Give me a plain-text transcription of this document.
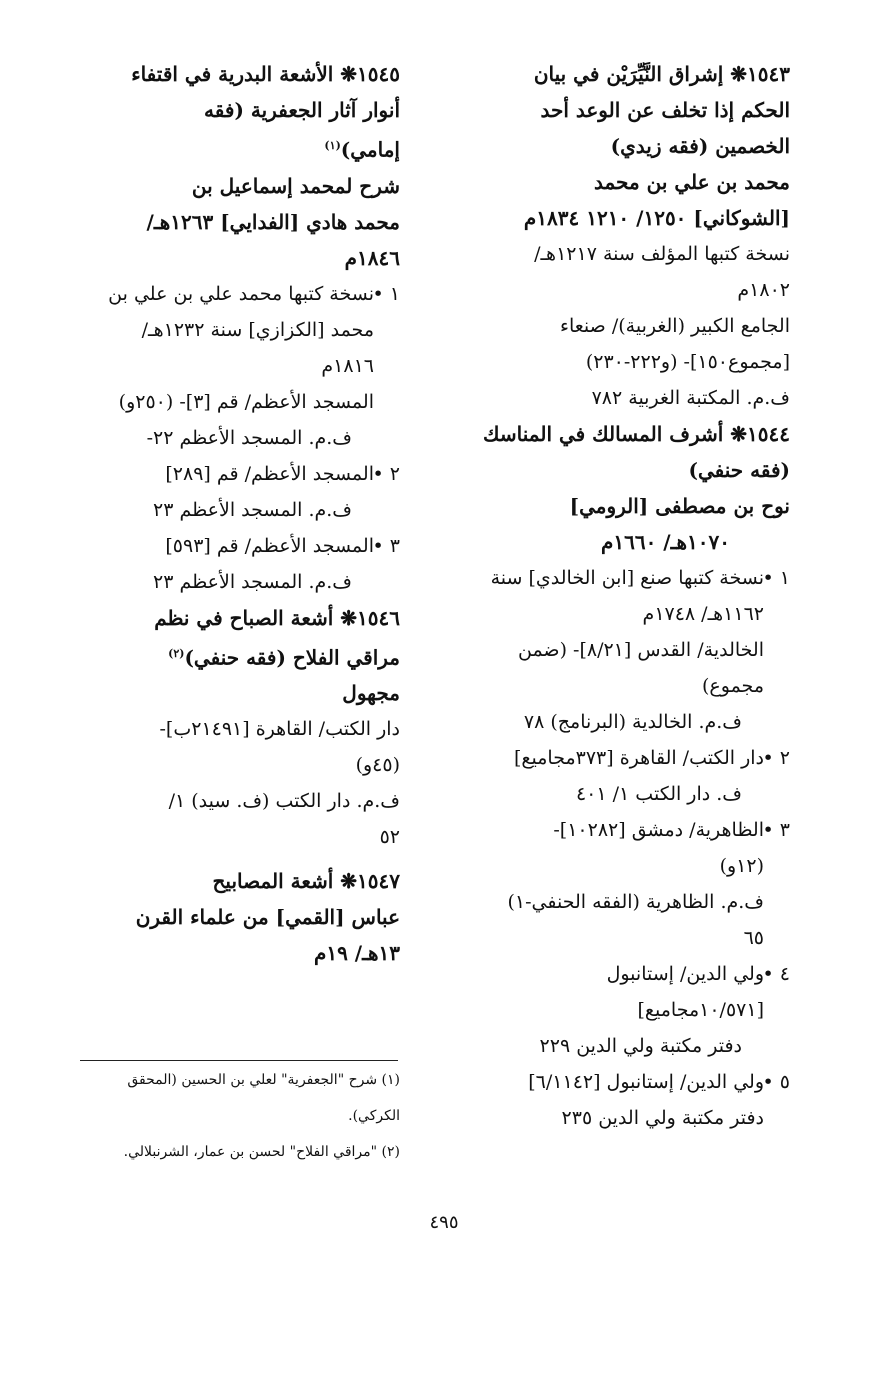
١٥٤٣❋ إشراق النَّيِّرَيْن في بيان
الحكم إذا تخلف عن الوعد أحد
الخصمين (فقه زيدي)
محمد بن علي بن محمد
[الشوكاني] ١٢٥٠/ ١٢١٠ ١٨٣٤م
نسخة كتبها المؤلف سنة ١٢١٧هـ/
١٨٠٢م
الجامع الكبير (الغربية)/ صنعاء
[مجموع١٥٠]- (و٢٢٢-٢٣٠)
ف.م. المكتبة الغربية ٧٨٢
١٥٤٤❋ أشرف المسالك في المناسك
(فقه حنفي)
نوح بن مصطفى [الرومي]
١٠٧٠هـ/ ١٦٦٠م
١ •
نسخة كتبها صنع [ابن الخالدي] سنة
١١٦٢هـ/ ١٧٤٨م
الخالدية/ القدس [٨/٢١]- (ضمن
مجموع)
ف.م. الخالدية (البرنامج) ٧٨
٢ •
دار الكتب/ القاهرة [٣٧٣مجاميع]
ف. دار الكتب ١/ ٤٠١
٣ •
الظاهرية/ دمشق [١٠٢٨٢]-
(١٢و)
ف.م. الظاهرية (الفقه الحنفي-١)
٦٥
٤ •
ولي الدين/ إستانبول
[١٠/٥٧١مجاميع]
دفتر مكتبة ولي الدين ٢٢٩
٥ •
ولي الدين/ إستانبول [٦/١١٤٢]
دفتر مكتبة ولي الدين ٢٣٥
١٥٤٥❋ الأشعة البدرية في اقتفاء
أنوار آثار الجعفرية (فقه
إمامي)$^{(١)}$
شرح لمحمد إسماعيل بن
محمد هادي [الفدايي] ١٢٦٣هـ/
١٨٤٦م
١ •
نسخة كتبها محمد علي بن علي بن
محمد [الكزازي] سنة ١٢٣٢هـ/
١٨١٦م
المسجد الأعظم/ قم [٣]- (٢٥٠و)
ف.م. المسجد الأعظم ٢٢-
٢ •
المسجد الأعظم/ قم [٢٨٩]
ف.م. المسجد الأعظم ٢٣
٣ •
المسجد الأعظم/ قم [٥٩٣]
ف.م. المسجد الأعظم ٢٣
١٥٤٦❋ أشعة الصباح في نظم
مراقي الفلاح (فقه حنفي)$^{(٢)}$
مجهول
دار الكتب/ القاهرة [٢١٤٩١ب]-
(٤٥و)
ف.م. دار الكتب (ف. سيد) ١/
٥٢
١٥٤٧❋ أشعة المصابيح
عباس [القمي] من علماء القرن
١٣هـ/ ١٩م
(١) شرح "الجعفرية" لعلي بن الحسين (المحقق
الكركي).
(٢) "مراقي الفلاح" لحسن بن عمار، الشرنبلالي.
٤٩٥
